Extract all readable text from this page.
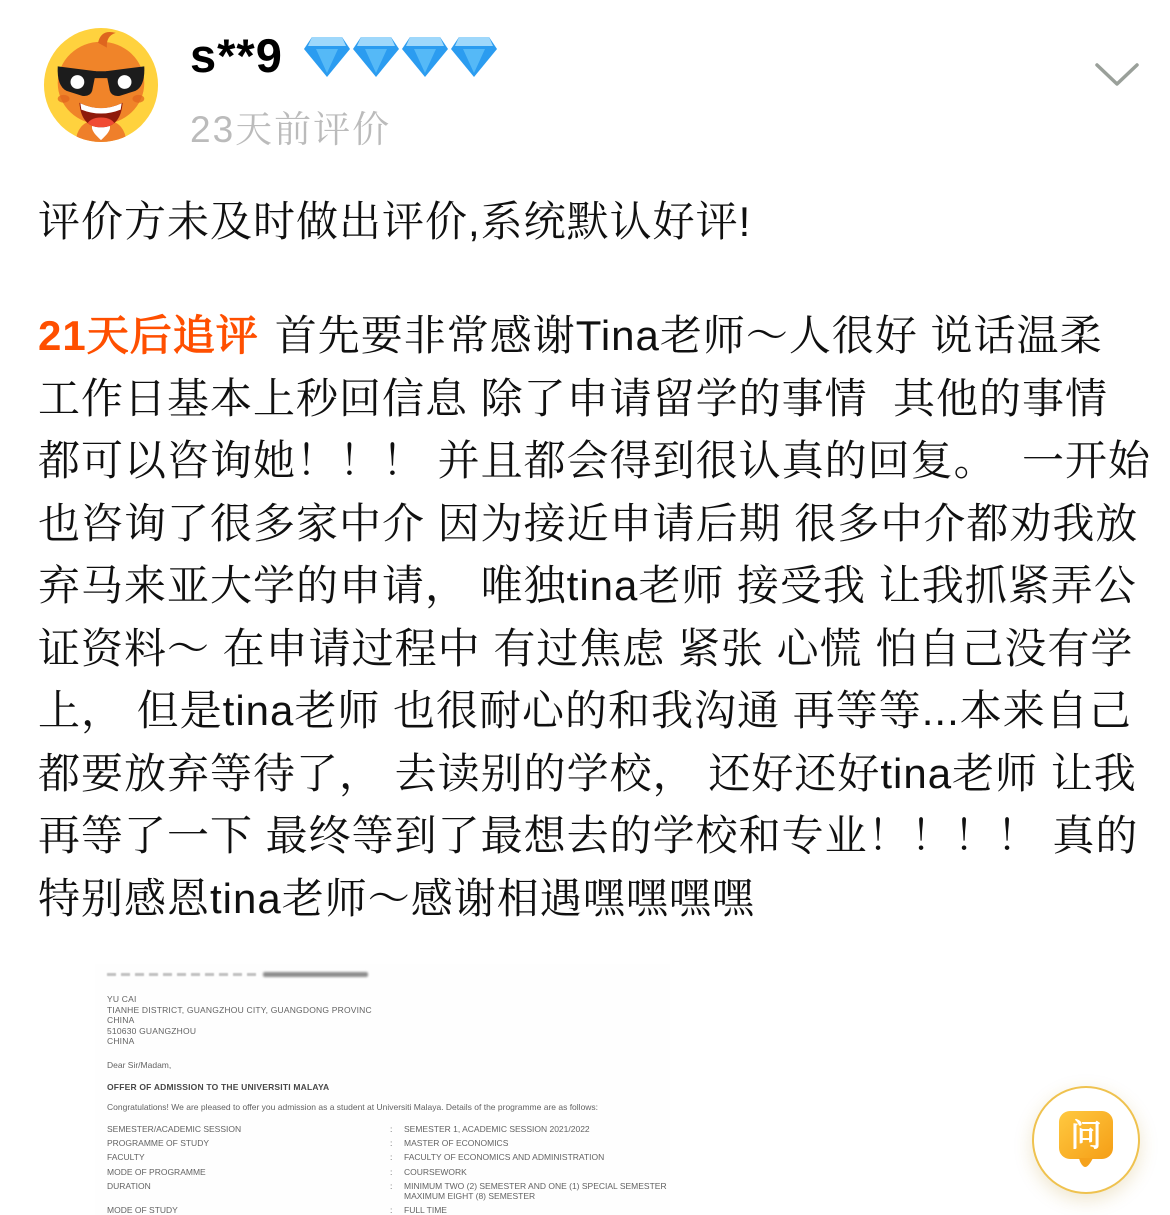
s**9
23天前评价
评价方未及时做出评价,系统默认好评!
21天后追评 首先要非常感谢Tina老师～人很好 说话温柔
工作日基本上秒回信息 除了申请留学的事情  其他的事情
都可以咨询她！！！ 并且都会得到很认真的回复。  一开始
也咨询了很多家中介 因为接近申请后期 很多中介都劝我放
弃马来亚大学的申请， 唯独tina老师 接受我 让我抓紧弄公
证资料～ 在申请过程中 有过焦虑 紧张 心慌 怕自己没有学
上， 但是tina老师 也很耐心的和我沟通 再等等...本来自己
都要放弃等待了， 去读别的学校， 还好还好tina老师 让我
再等了一下 最终等到了最想去的学校和专业！！！！ 真的
特别感恩tina老师～感谢相遇嘿嘿嘿嘿
YU CAI
TIANHE DISTRICT, GUANGZHOU CITY, GUANGDONG PROVINC
CHINA
510630 GUANGZHOU
CHINA
Dear Sir/Madam,
OFFER OF ADMISSION TO THE UNIVERSITI MALAYA
Congratulations! We are pleased to offer you admission as a student at Universiti Malaya. Details of the programme are as follows:
SEMESTER/ACADEMIC SESSION	:	SEMESTER 1, ACADEMIC SESSION 2021/2022
PROGRAMME OF STUDY	:	MASTER OF ECONOMICS
FACULTY	:	FACULTY OF ECONOMICS AND ADMINISTRATION
MODE OF PROGRAMME	:	COURSEWORK
DURATION	:	MINIMUM TWO (2) SEMESTER AND ONE (1) SPECIAL SEMESTER
MAXIMUM EIGHT (8) SEMESTER
MODE OF STUDY	:	FULL TIME
问
